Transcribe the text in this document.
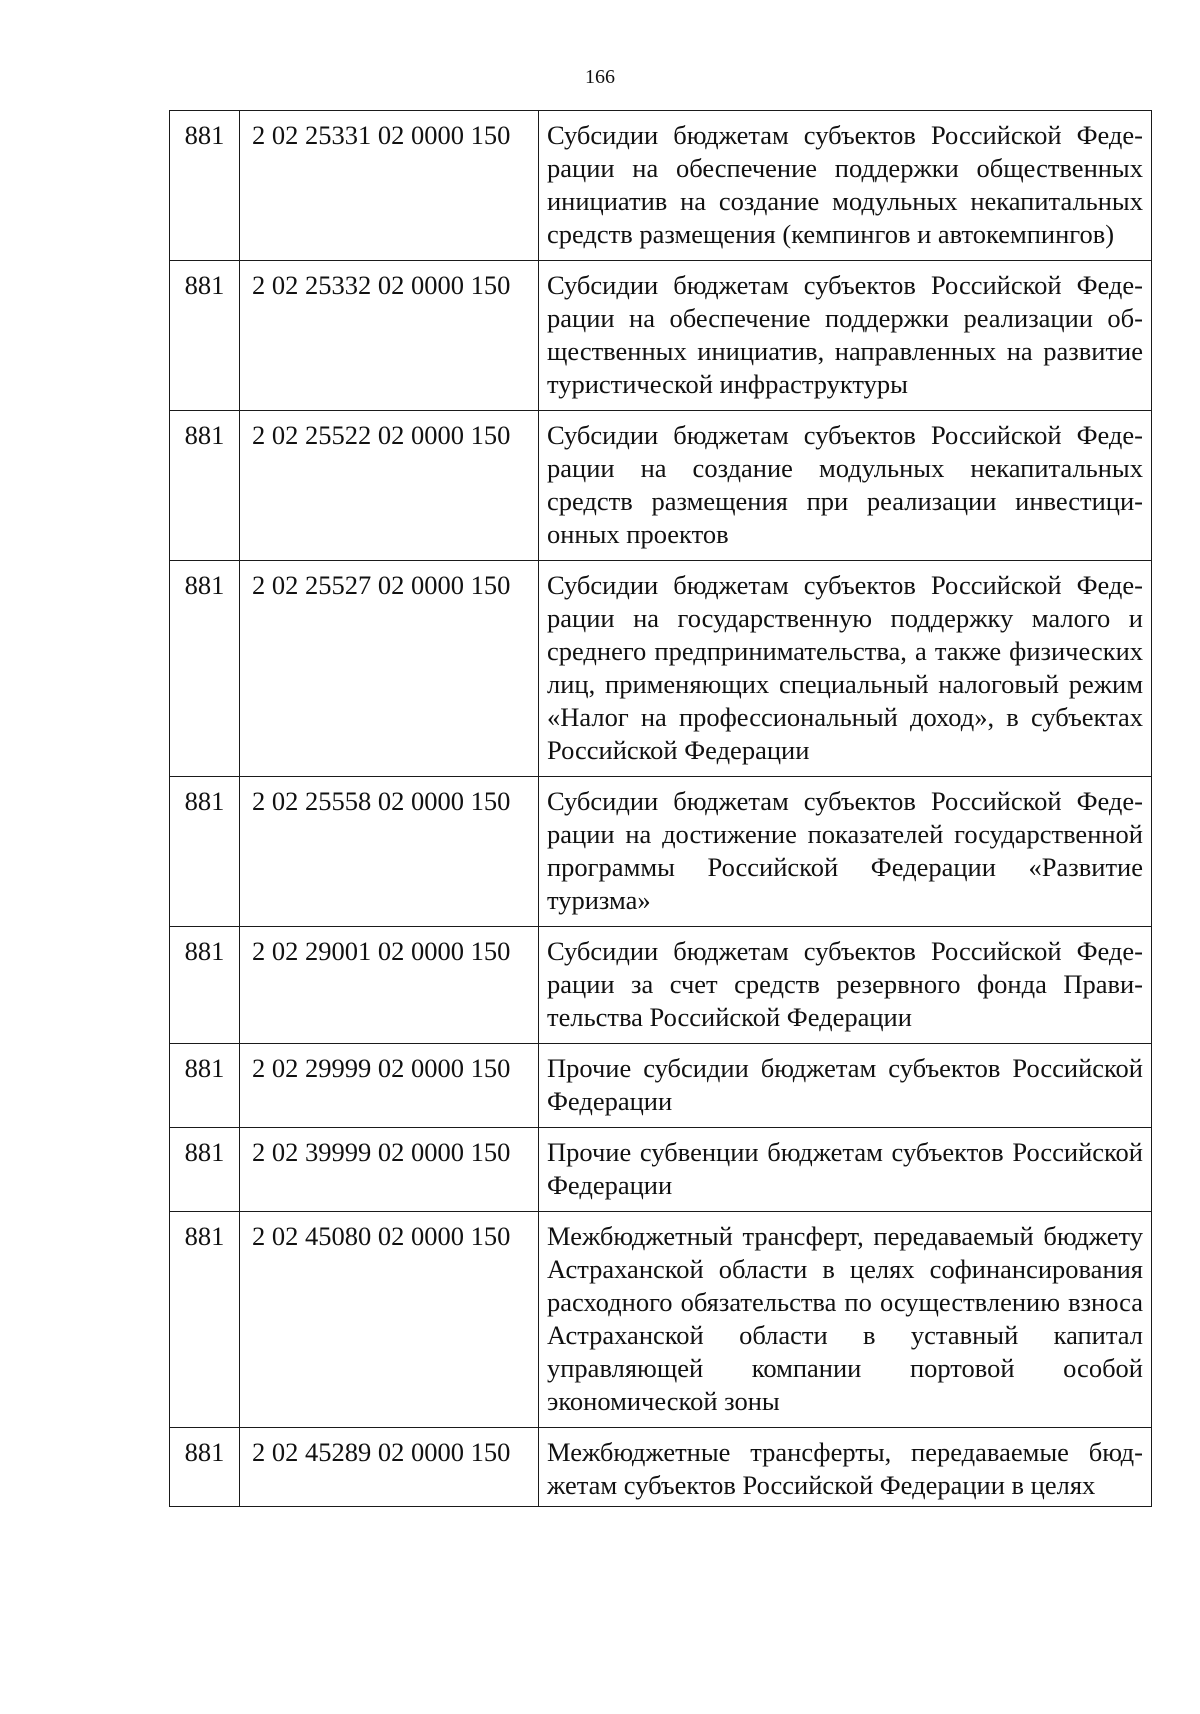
166
881	2 02 25331 02 0000 150	Субсидии бюджетам субъектов Российской Федерации на обеспечение поддержки общественных инициатив на создание модульных некапитальных средств размещения (кемпингов и автокемпингов)
881	2 02 25332 02 0000 150	Субсидии бюджетам субъектов Российской Федерации на обеспечение поддержки реализации общественных инициатив, направленных на развитие туристической инфраструктуры
881	2 02 25522 02 0000 150	Субсидии бюджетам субъектов Российской Федерации на создание модульных некапитальных средств размещения при реализации инвестиционных проектов
881	2 02 25527 02 0000 150	Субсидии бюджетам субъектов Российской Федерации на государственную поддержку малого и среднего предпринимательства, а также физических лиц, применяющих специальный налоговый режим «Налог на профессиональный доход», в субъектах Российской Федерации
881	2 02 25558 02 0000 150	Субсидии бюджетам субъектов Российской Федерации на достижение показателей государственной программы Российской Федерации «Развитие туризма»
881	2 02 29001 02 0000 150	Субсидии бюджетам субъектов Российской Федерации за счет средств резервного фонда Правительства Российской Федерации
881	2 02 29999 02 0000 150	Прочие субсидии бюджетам субъектов Российской Федерации
881	2 02 39999 02 0000 150	Прочие субвенции бюджетам субъектов Российской Федерации
881	2 02 45080 02 0000 150	Межбюджетный трансферт, передаваемый бюджету Астраханской области в целях софинансирования расходного обязательства по осуществлению взноса Астраханской области в уставный капитал управляющей компании портовой особой экономической зоны
881	2 02 45289 02 0000 150	Межбюджетные трансферты, передаваемые бюджетам субъектов Российской Федерации в целях
